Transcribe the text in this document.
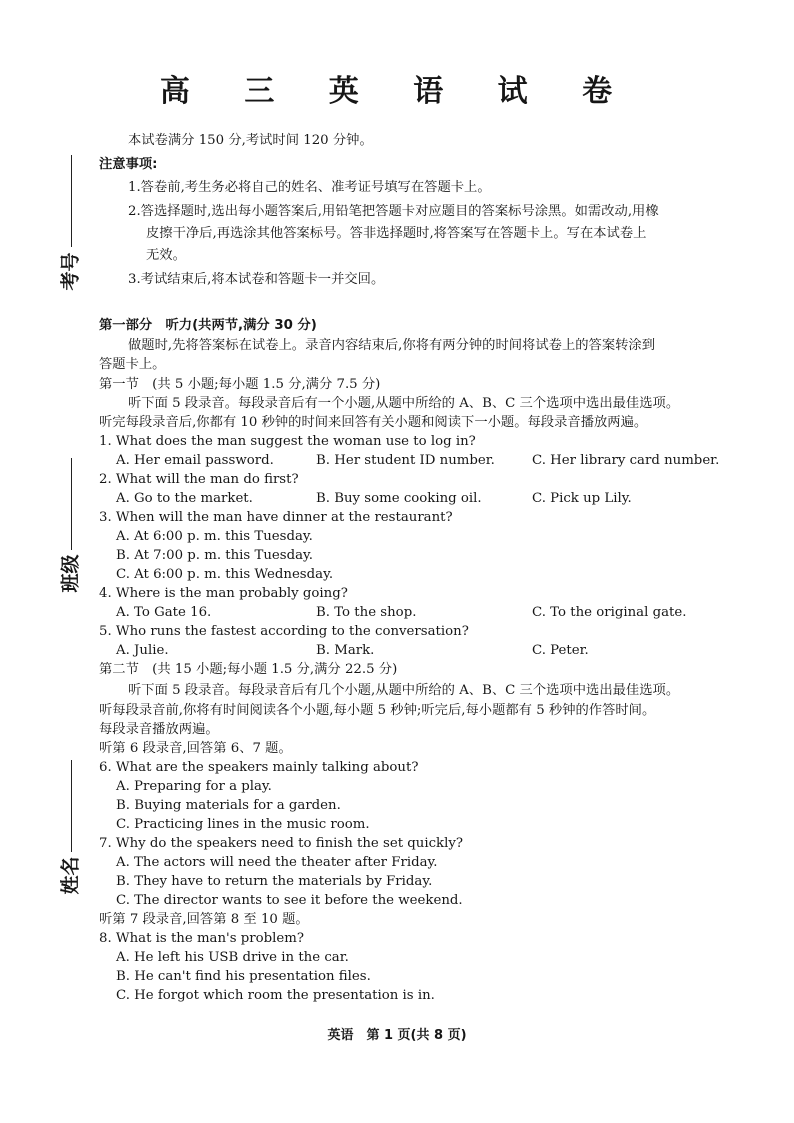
高 三 英 语 试 卷
本试卷满分 150 分,考试时间 120 分钟。
注意事项:
1.答卷前,考生务必将自己的姓名、准考证号填写在答题卡上。
2.答选择题时,选出每小题答案后,用铅笔把答题卡对应题目的答案标号涂黑。如需改动,用橡
皮擦干净后,再选涂其他答案标号。答非选择题时,将答案写在答题卡上。写在本试卷上
无效。
3.考试结束后,将本试卷和答题卡一并交回。
考号
班级
姓名
第一部分　听力(共两节,满分 30 分)
做题时,先将答案标在试卷上。录音内容结束后,你将有两分钟的时间将试卷上的答案转涂到
答题卡上。
第一节　(共 5 小题;每小题 1.5 分,满分 7.5 分)
听下面 5 段录音。每段录音后有一个小题,从题中所给的 A、B、C 三个选项中选出最佳选项。
听完每段录音后,你都有 10 秒钟的时间来回答有关小题和阅读下一小题。每段录音播放两遍。
1. What does the man suggest the woman use to log in?
A. Her email password.	B. Her student ID number.	C. Her library card number.
2. What will the man do first?
A. Go to the market.	B. Buy some cooking oil.	C. Pick up Lily.
3. When will the man have dinner at the restaurant?
A. At 6:00 p. m. this Tuesday.
B. At 7:00 p. m. this Tuesday.
C. At 6:00 p. m. this Wednesday.
4. Where is the man probably going?
A. To Gate 16.	B. To the shop.	C. To the original gate.
5. Who runs the fastest according to the conversation?
A. Julie.	B. Mark.	C. Peter.
第二节　(共 15 小题;每小题 1.5 分,满分 22.5 分)
听下面 5 段录音。每段录音后有几个小题,从题中所给的 A、B、C 三个选项中选出最佳选项。
听每段录音前,你将有时间阅读各个小题,每小题 5 秒钟;听完后,每小题都有 5 秒钟的作答时间。
每段录音播放两遍。
听第 6 段录音,回答第 6、7 题。
6. What are the speakers mainly talking about?
A. Preparing for a play.
B. Buying materials for a garden.
C. Practicing lines in the music room.
7. Why do the speakers need to finish the set quickly?
A. The actors will need the theater after Friday.
B. They have to return the materials by Friday.
C. The director wants to see it before the weekend.
听第 7 段录音,回答第 8 至 10 题。
8. What is the man's problem?
A. He left his USB drive in the car.
B. He can't find his presentation files.
C. He forgot which room the presentation is in.
英语　第 1 页(共 8 页)
